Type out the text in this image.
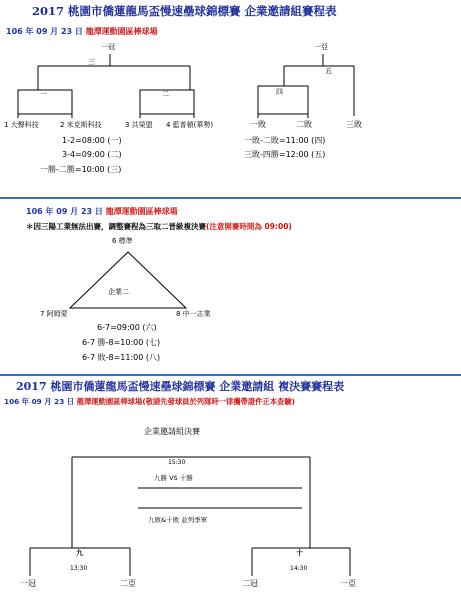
2017 桃園市僑蓮龍馬盃慢速壘球錦標賽 企業邀請組賽程表
106 年 09 月 23 日 龍潭運動園區棒球場
一冠
三
一	二
1 大聲科技	2 米克斯科技	3 共榮盟 4 藍普頓(華勢)
1-2=08:00 (一)
3-4=09:00 (二)
一勝-二勝=10:00 (三)
一亞
五
四
一敗	二敗	三敗
一敗-二敗=11:00 (四)
三敗-四勝=12:00 (五)
106 年 09 月 23 日 龍潭運動園區棒球場
＊因三陽工業無法出賽，調整賽程為三取二晉級複決賽(注意開賽時間為 09:00)
6 標準
企業二
7 阿姆蒙	8 中一志業
6-7=09:00 (六)
6-7 勝-8=10:00 (七)
6-7 敗-8=11:00 (八)
2017 桃園市僑蓮龍馬盃慢速壘球錦標賽 企業邀請組 複決賽賽程表
106 年 09 月 23 日 龍潭運動園區棒球場(敬請先發球員於列隊時一律攜帶證件正本查驗)
企業邀請組決賽
15:30
九勝 VS 十勝
九敗&十敗 並列季軍
九
13:30
一冠	二亞
十
14:30
二冠	一亞
